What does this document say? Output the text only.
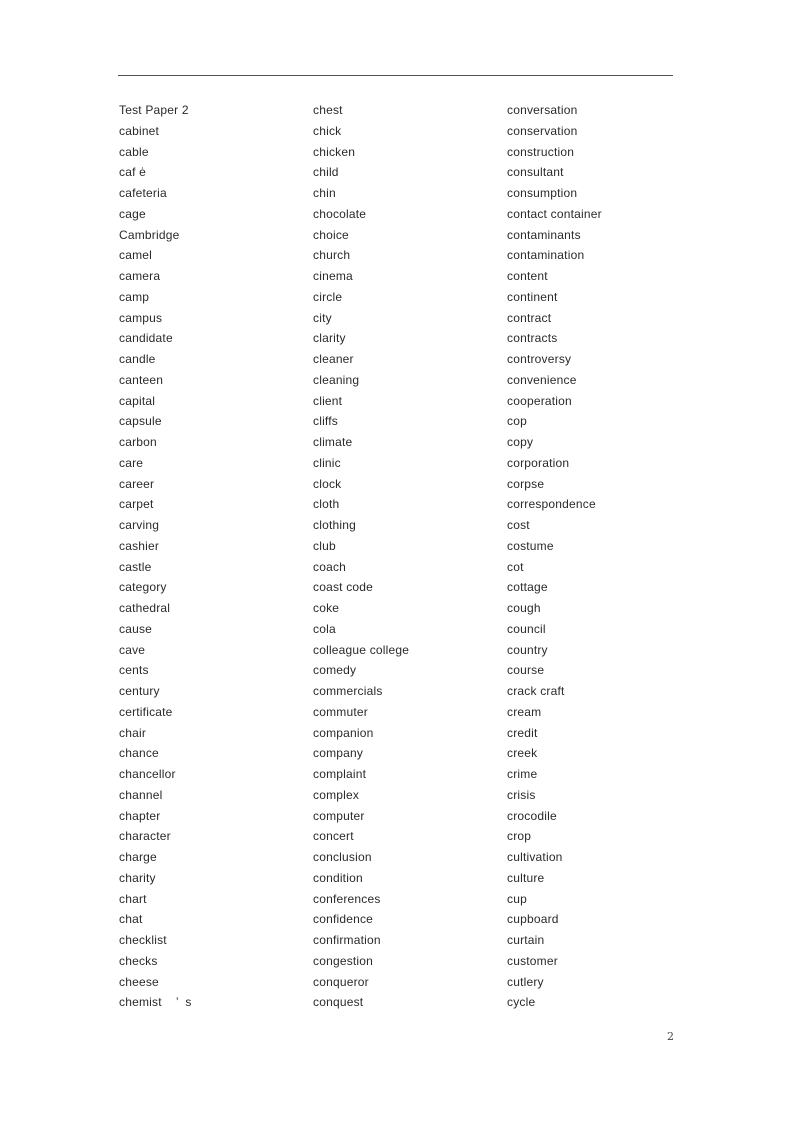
Test Paper 2
cabinet
cable
caf ė
cafeteria
cage
Cambridge
camel
camera
camp
campus
candidate
candle
canteen
capital
capsule
carbon
care
career
carpet
carving
cashier
castle
category
cathedral
cause
cave
cents
century
certificate
chair
chance
chancellor
channel
chapter
character
charge
charity
chart
chat
checklist
checks
cheese
chemist    ’  s
chest
chick
chicken
child
chin
chocolate
choice
church
cinema
circle
city
clarity
cleaner
cleaning
client
cliffs
climate
clinic
clock
cloth
clothing
club
coach
coast code
coke
cola
colleague college
comedy
commercials
commuter
companion
company
complaint
complex
computer
concert
conclusion
condition
conferences
confidence
confirmation
congestion
conqueror
conquest
conversation
conservation
construction
consultant
consumption
contact container
contaminants
contamination
content
continent
contract
contracts
controversy
convenience
cooperation
cop
copy
corporation
corpse
correspondence
cost
costume
cot
cottage
cough
council
country
course
crack craft
cream
credit
creek
crime
crisis
crocodile
crop
cultivation
culture
cup
cupboard
curtain
customer
cutlery
cycle
2
